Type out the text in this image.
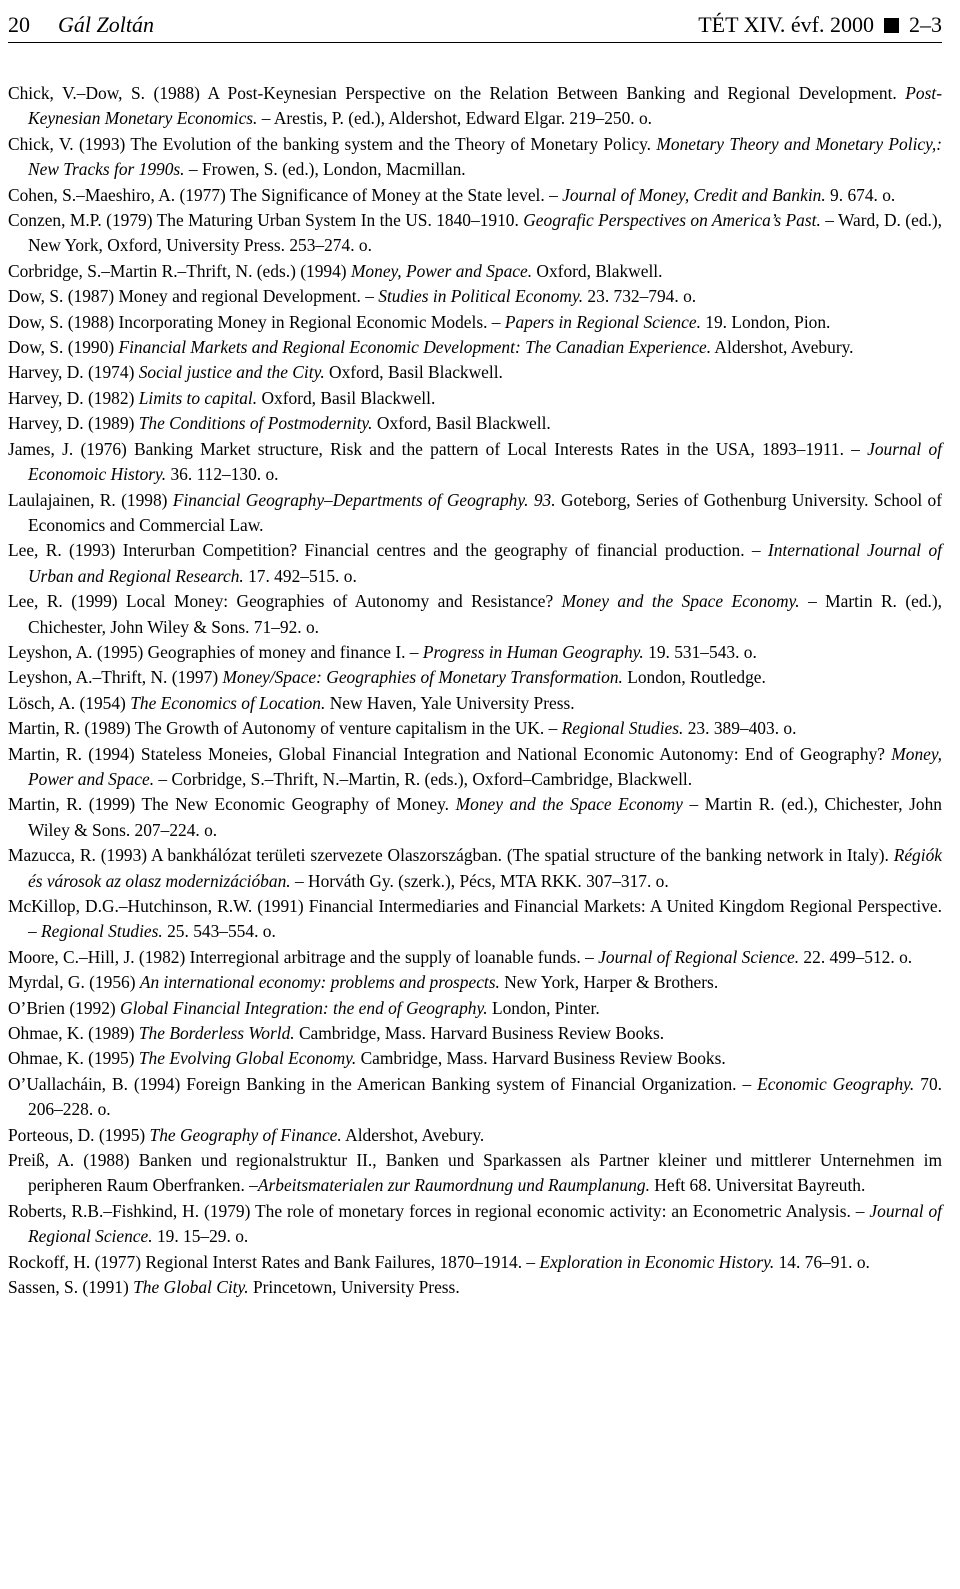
20 Gál Zoltán	TÉT XIV. évf. 2000 2–3

Chick, V.–Dow, S. (1988) A Post-Keynesian Perspective on the Relation Between Banking and Regional Development. Post-Keynesian Monetary Economics. – Arestis, P. (ed.), Aldershot, Edward Elgar. 219–250. o.

Chick, V. (1993) The Evolution of the banking system and the Theory of Monetary Policy. Monetary Theory and Monetary Policy,: New Tracks for 1990s. – Frowen, S. (ed.), London, Macmillan.

Cohen, S.–Maeshiro, A. (1977) The Significance of Money at the State level. – Journal of Money, Credit and Bankin. 9. 674. o.

Conzen, M.P. (1979) The Maturing Urban System In the US. 1840–1910. Geografic Perspectives on America’s Past. – Ward, D. (ed.), New York, Oxford, University Press. 253–274. o.

Corbridge, S.–Martin R.–Thrift, N. (eds.) (1994) Money, Power and Space. Oxford, Blakwell.

Dow, S. (1987) Money and regional Development. – Studies in Political Economy. 23. 732–794. o.

Dow, S. (1988) Incorporating Money in Regional Economic Models. – Papers in Regional Science. 19. London, Pion.

Dow, S. (1990) Financial Markets and Regional Economic Development: The Canadian Experience. Aldershot, Avebury.

Harvey, D. (1974) Social justice and the City. Oxford, Basil Blackwell.

Harvey, D. (1982) Limits to capital. Oxford, Basil Blackwell.

Harvey, D. (1989) The Conditions of Postmodernity. Oxford, Basil Blackwell.

James, J. (1976) Banking Market structure, Risk and the pattern of Local Interests Rates in the USA, 1893–1911. – Journal of Economoic History. 36. 112–130. o.

Laulajainen, R. (1998) Financial Geography–Departments of Geography. 93. Goteborg, Series of Gothenburg University. School of Economics and Commercial Law.

Lee, R. (1993) Interurban Competition? Financial centres and the geography of financial production. – International Journal of Urban and Regional Research. 17. 492–515. o.

Lee, R. (1999) Local Money: Geographies of Autonomy and Resistance? Money and the Space Economy. – Martin R. (ed.), Chichester, John Wiley & Sons. 71–92. o.

Leyshon, A. (1995) Geographies of money and finance I. – Progress in Human Geography. 19. 531–543. o.

Leyshon, A.–Thrift, N. (1997) Money/Space: Geographies of Monetary Transformation. London, Routledge.

Lösch, A. (1954) The Economics of Location. New Haven, Yale University Press.

Martin, R. (1989) The Growth of Autonomy of venture capitalism in the UK. – Regional Studies. 23. 389–403. o.

Martin, R. (1994) Stateless Moneies, Global Financial Integration and National Economic Autonomy: End of Geography? Money, Power and Space. – Corbridge, S.–Thrift, N.–Martin, R. (eds.), Oxford–Cambridge, Blackwell.

Martin, R. (1999) The New Economic Geography of Money. Money and the Space Economy – Martin R. (ed.), Chichester, John Wiley & Sons. 207–224. o.

Mazucca, R. (1993) A bankhálózat területi szervezete Olaszországban. (The spatial structure of the banking network in Italy). Régiók és városok az olasz modernizációban. – Horváth Gy. (szerk.), Pécs, MTA RKK. 307–317. o.

McKillop, D.G.–Hutchinson, R.W. (1991) Financial Intermediaries and Financial Markets: A United Kingdom Regional Perspective. – Regional Studies. 25. 543–554. o.

Moore, C.–Hill, J. (1982) Interregional arbitrage and the supply of loanable funds. – Journal of Regional Science. 22. 499–512. o.

Myrdal, G. (1956) An international economy: problems and prospects. New York, Harper & Brothers.

O’Brien (1992) Global Financial Integration: the end of Geography. London, Pinter.

Ohmae, K. (1989) The Borderless World. Cambridge, Mass. Harvard Business Review Books.

Ohmae, K. (1995) The Evolving Global Economy. Cambridge, Mass. Harvard Business Review Books.

O’Uallacháin, B. (1994) Foreign Banking in the American Banking system of Financial Organization. – Economic Geography. 70. 206–228. o.

Porteous, D. (1995) The Geography of Finance. Aldershot, Avebury.

Preiß, A. (1988) Banken und regionalstruktur II., Banken und Sparkassen als Partner kleiner und mittlerer Unternehmen im peripheren Raum Oberfranken. –Arbeitsmaterialen zur Raumordnung und Raumplanung. Heft 68. Universitat Bayreuth.

Roberts, R.B.–Fishkind, H. (1979) The role of monetary forces in regional economic activity: an Econometric Analysis. – Journal of Regional Science. 19. 15–29. o.

Rockoff, H. (1977) Regional Interst Rates and Bank Failures, 1870–1914. – Exploration in Economic History. 14. 76–91. o.

Sassen, S. (1991) The Global City. Princetown, University Press.
